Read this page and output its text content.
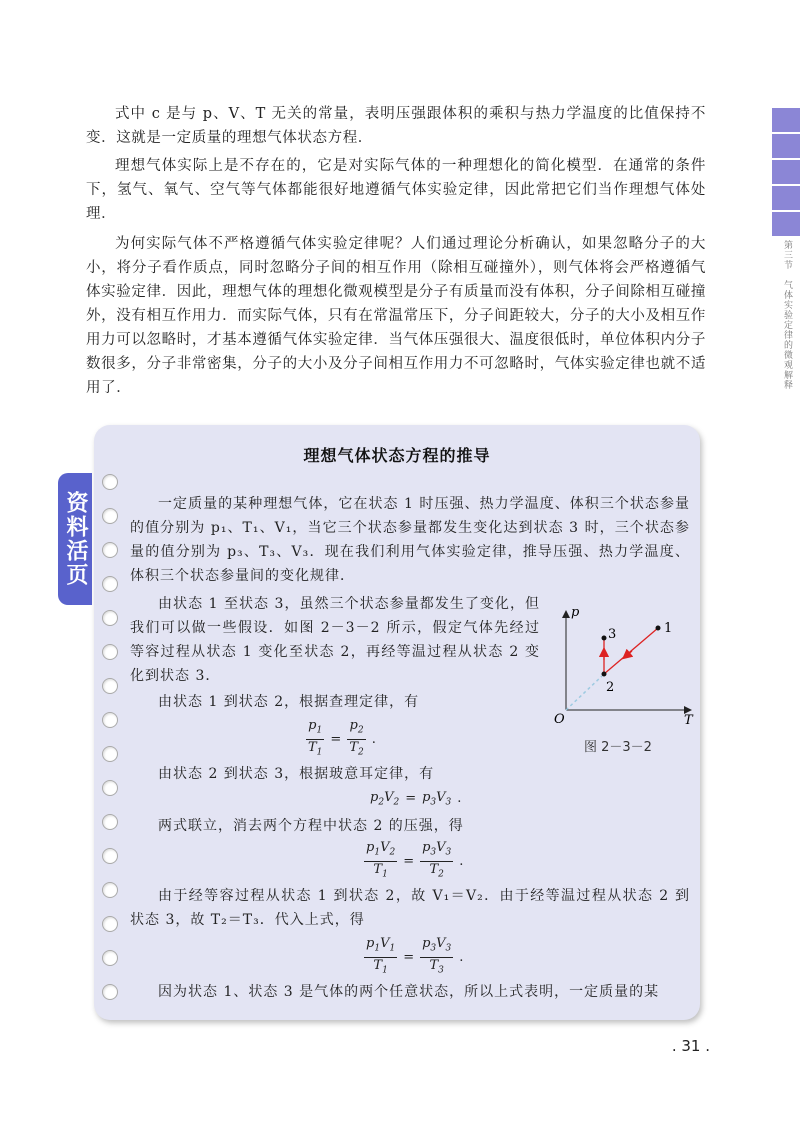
第三节　气体实验定律的微观解释

式中 c 是与 p、V、T 无关的常量，表明压强跟体积的乘积与热力学温度的比值保持不变．这就是一定质量的理想气体状态方程．

理想气体实际上是不存在的，它是对实际气体的一种理想化的简化模型．在通常的条件下，氢气、氧气、空气等气体都能很好地遵循气体实验定律，因此常把它们当作理想气体处理．

为何实际气体不严格遵循气体实验定律呢？人们通过理论分析确认，如果忽略分子的大小，将分子看作质点，同时忽略分子间的相互作用（除相互碰撞外），则气体将会严格遵循气体实验定律．因此，理想气体的理想化微观模型是分子有质量而没有体积，分子间除相互碰撞外，没有相互作用力．而实际气体，只有在常温常压下，分子间距较大，分子的大小及相互作用力可以忽略时，才基本遵循气体实验定律．当气体压强很大、温度很低时，单位体积内分子数很多，分子非常密集，分子的大小及分子间相互作用力不可忽略时，气体实验定律也就不适用了．

理想气体状态方程的推导
资料活页	一定质量的某种理想气体，它在状态 1 时压强、热力学温度、体积三个状态参量的值分别为 p₁、T₁、V₁，当它三个状态参量都发生变化达到状态 3 时，三个状态参量的值分别为 p₃、T₃、V₃．现在我们利用气体实验定律，推导压强、热力学温度、体积三个状态参量间的变化规律．

由状态 1 至状态 3，虽然三个状态参量都发生了变化，但我们可以做一些假设．如图 2－3－2 所示，假定气体先经过等容过程从状态 1 变化至状态 2，再经等温过程从状态 2 变化到状态 3．

由状态 1 到状态 2，根据查理定律，有

$\frac{p_1}{T_1} = \frac{p_2}{T_2}$ .

由状态 2 到状态 3，根据玻意耳定律，有

$p_2V_2 = p_3V_3$ .

两式联立，消去两个方程中状态 2 的压强，得

$\frac{p_1V_2}{T_1} = \frac{p_3V_3}{T_2}$ .

由于经等容过程从状态 1 到状态 2，故 V₁＝V₂．由于经等温过程从状态 2 到状态 3，故 T₂＝T₃．代入上式，得

$\frac{p_1V_1}{T_1} = \frac{p_3V_3}{T_3}$ .

因为状态 1、状态 3 是气体的两个任意状态，所以上式表明，一定质量的某

1
2
3
O	T
p
图 2－3－2
. 31 .
